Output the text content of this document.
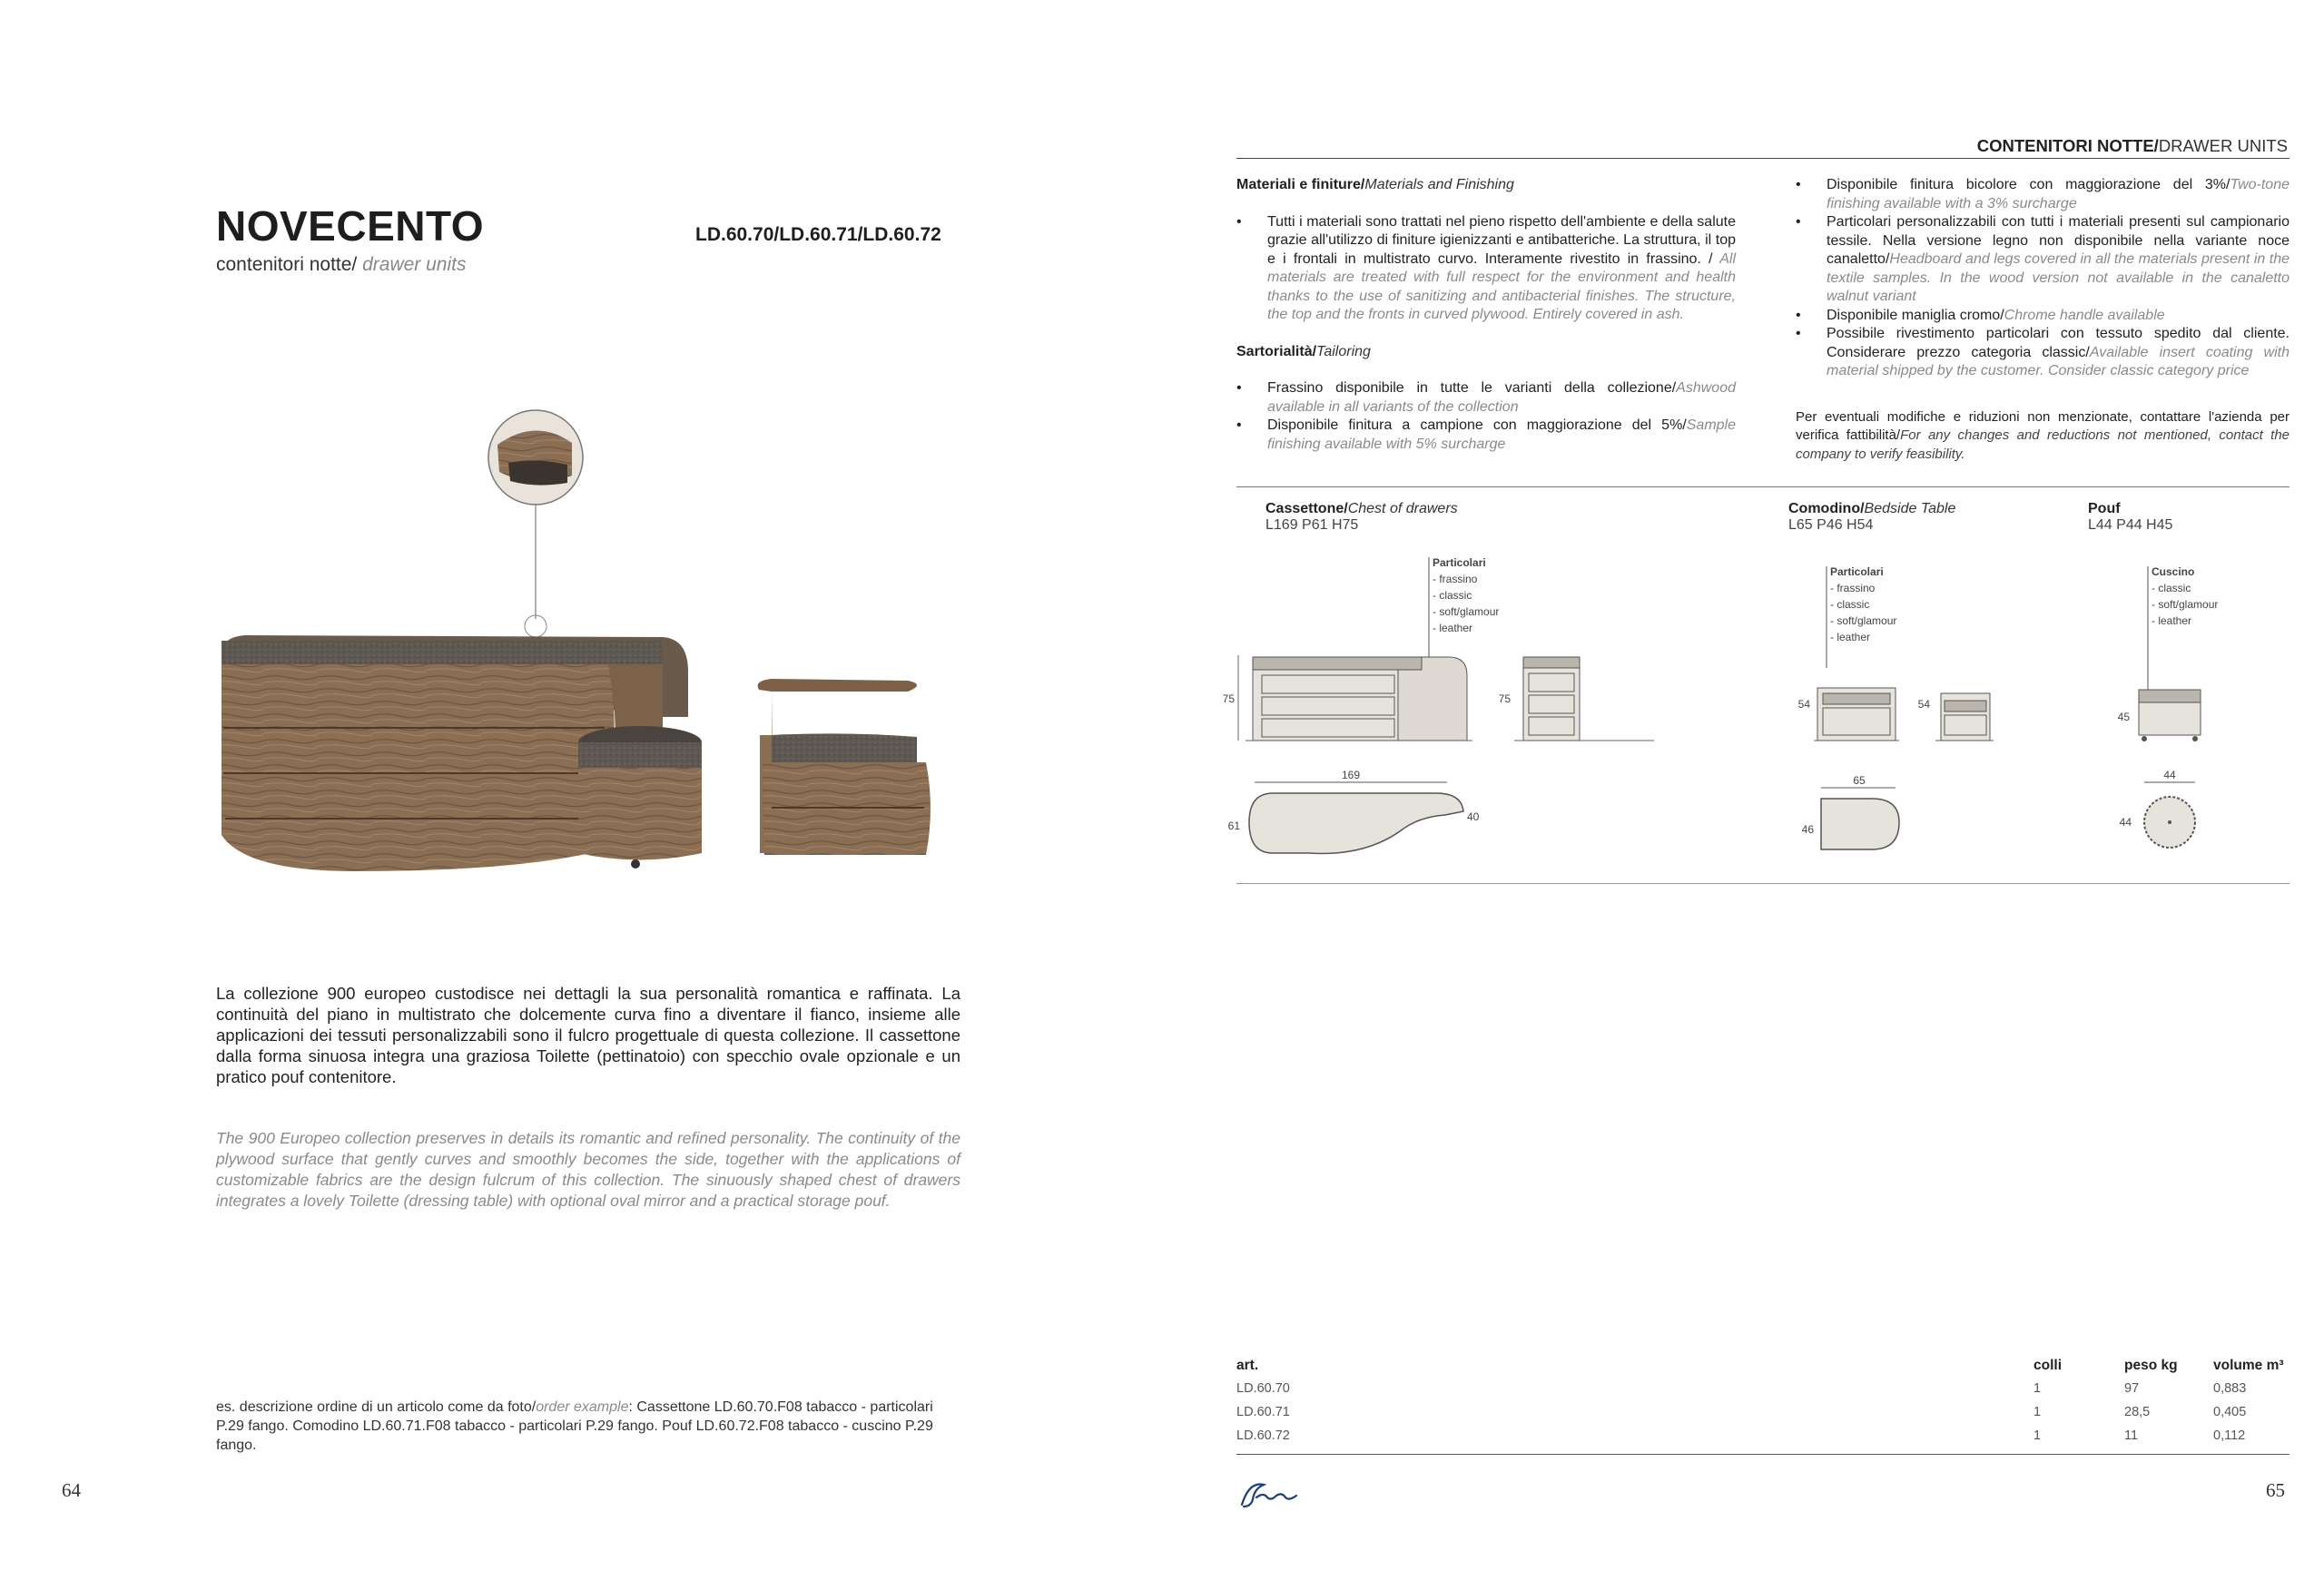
NOVECENTO
contenitori notte/ drawer units
LD.60.70/LD.60.71/LD.60.72
La collezione 900 europeo custodisce nei dettagli la sua personalità romantica e raffinata. La continuità del piano in multistrato che dolcemente curva fino a diventare il fianco, insieme alle applicazioni dei tessuti personalizzabili sono il fulcro progettuale di questa collezione. Il cassettone dalla forma sinuosa integra una graziosa Toilette (pettinatoio) con specchio ovale opzionale e un pratico pouf contenitore.
The 900 Europeo collection preserves in details its romantic and refined personality. The continuity of the plywood surface that gently curves and smoothly becomes the side, together with the applications of customizable fabrics are the design fulcrum of this collection. The sinuously shaped chest of drawers integrates a lovely Toilette (dressing table) with optional oval mirror and a practical storage pouf.
es. descrizione ordine di un articolo come da foto/order example: Cassettone LD.60.70.F08 tabacco - particolari P.29 fango. Comodino LD.60.71.F08 tabacco - particolari P.29 fango. Pouf LD.60.72.F08 tabacco - cuscino P.29 fango.
64
CONTENITORI NOTTE/DRAWER UNITS
Materiali e finiture/Materials and Finishing
• Tutti i materiali sono trattati nel pieno rispetto dell'ambiente e della salute grazie all'utilizzo di finiture igienizzanti e antibatteriche. La struttura, il top e i frontali in multistrato curvo. Interamente rivestito in frassino. / All materials are treated with full respect for the environment and health thanks to the use of sanitizing and antibacterial finishes. The structure, the top and the fronts in curved plywood. Entirely covered in ash.
Sartorialità/Tailoring
• Frassino disponibile in tutte le varianti della collezione/Ashwood available in all variants of the collection
• Disponibile finitura a campione con maggiorazione del 5%/Sample finishing available with 5% surcharge
• Disponibile finitura bicolore con maggiorazione del 3%/Two-tone finishing available with a 3% surcharge
• Particolari personalizzabili con tutti i materiali presenti sul campionario tessile. Nella versione legno non disponibile nella variante noce canaletto/Headboard and legs covered in all the materials present in the textile samples. In the wood version not available in the canaletto walnut variant
• Disponibile maniglia cromo/Chrome handle available
• Possibile rivestimento particolari con tessuto spedito dal cliente. Considerare prezzo categoria classic/Available insert coating with material shipped by the customer. Consider classic category price
Per eventuali modifiche e riduzioni non menzionate, contattare l'azienda per verifica fattibilità/For any changes and reductions not mentioned, contact the company to verify feasibility.
Cassettone/Chest of drawers
L169 P61 H75
Comodino/Bedside Table
L65 P46 H54
Pouf
L44 P44 H45
Particolari
- frassino
- classic
- soft/glamour
- leather
75	75
169
61
40
Particolari
- frassino
- classic
- soft/glamour
- leather
54	54
65
46
Cuscino
- classic
- soft/glamour
- leather
45
44
44
art.	colli	peso kg	volume m³
LD.60.70	1	97	0,883
LD.60.71	1	28,5	0,405
LD.60.72	1	11	0,112
65
